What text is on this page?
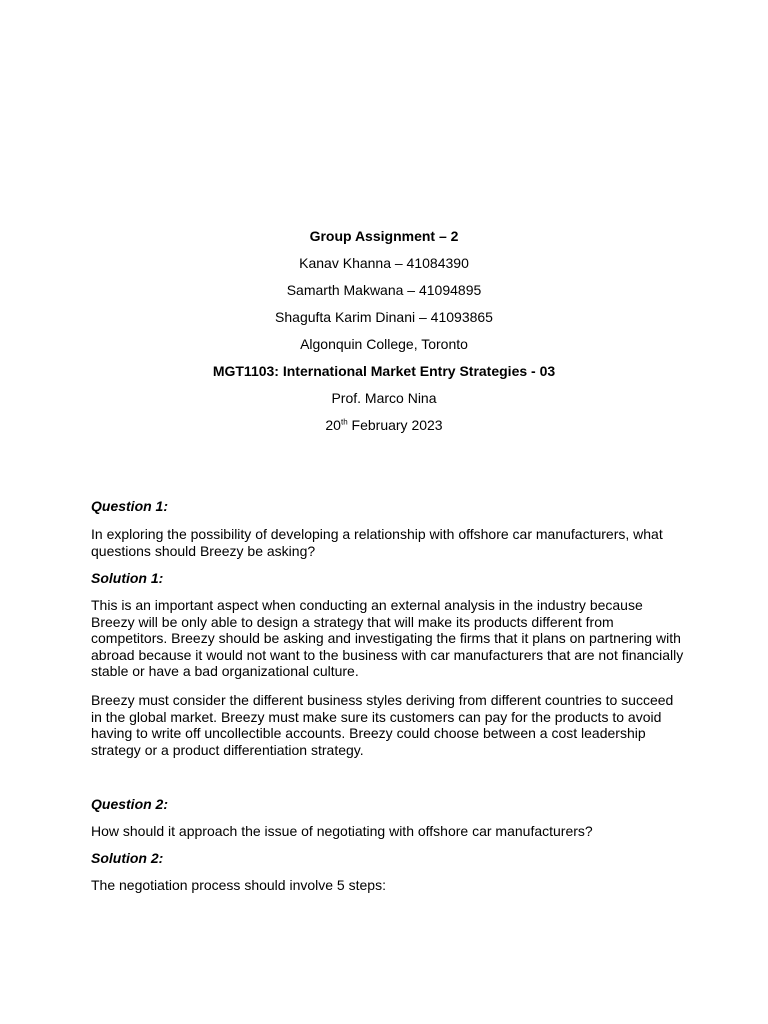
Group Assignment – 2

Kanav Khanna – 41084390

Samarth Makwana – 41094895

Shagufta Karim Dinani – 41093865

Algonquin College, Toronto

MGT1103: International Market Entry Strategies - 03

Prof. Marco Nina

20th February 2023

Question 1:

In exploring the possibility of developing a relationship with offshore car manufacturers, what questions should Breezy be asking?

Solution 1:

This is an important aspect when conducting an external analysis in the industry because Breezy will be only able to design a strategy that will make its products different from competitors. Breezy should be asking and investigating the firms that it plans on partnering with abroad because it would not want to the business with car manufacturers that are not financially stable or have a bad organizational culture.

Breezy must consider the different business styles deriving from different countries to succeed in the global market. Breezy must make sure its customers can pay for the products to avoid having to write off uncollectible accounts. Breezy could choose between a cost leadership strategy or a product differentiation strategy.

Question 2:

How should it approach the issue of negotiating with offshore car manufacturers?

Solution 2:

The negotiation process should involve 5 steps:
